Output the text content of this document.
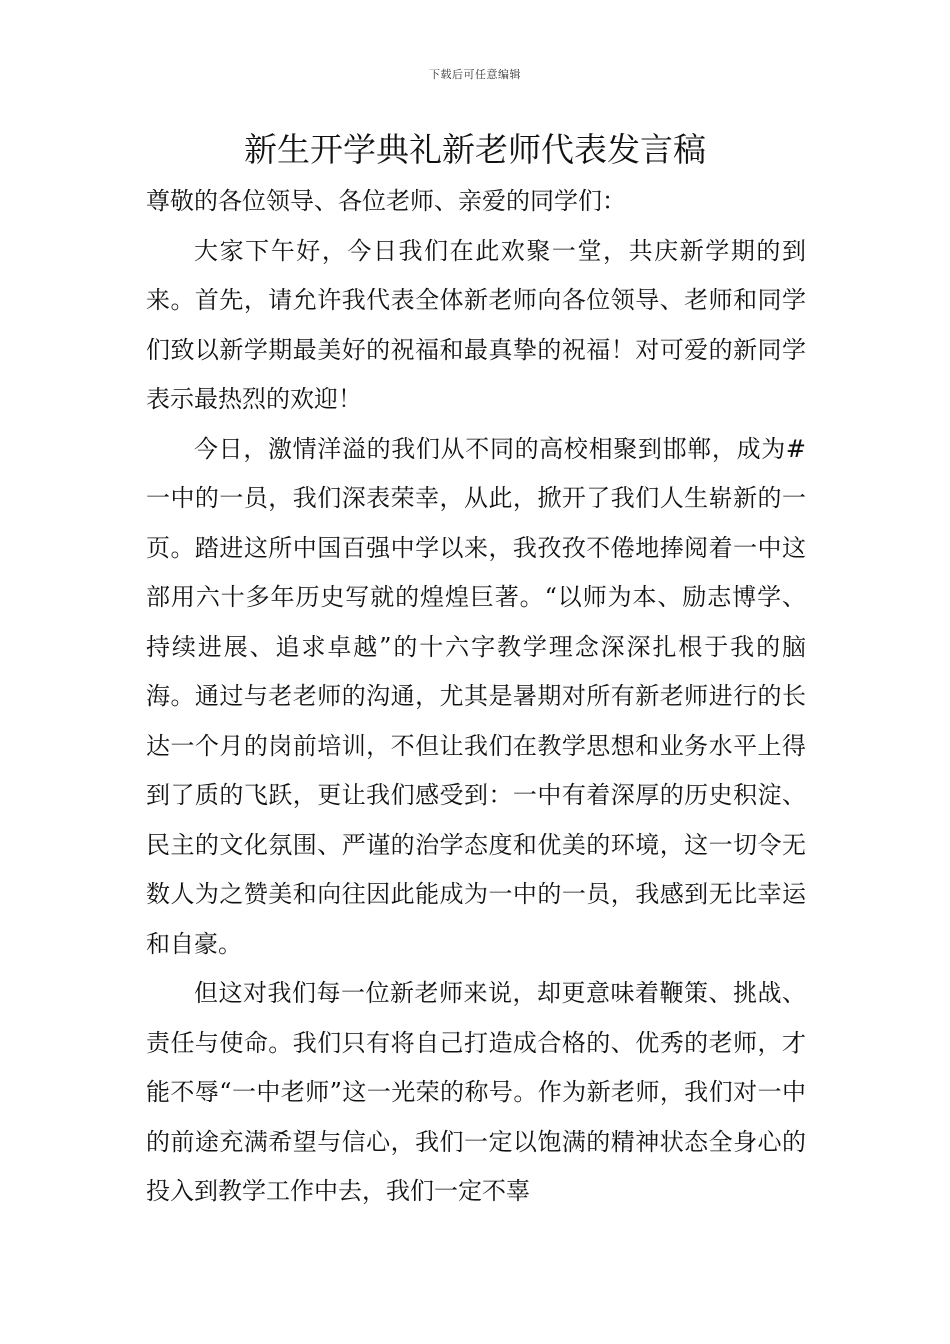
下载后可任意编辑
新生开学典礼新老师代表发言稿

尊敬的各位领导、各位老师、亲爱的同学们：

大家下午好，今日我们在此欢聚一堂，共庆新学期的到来。首先，请允许我代表全体新老师向各位领导、老师和同学们致以新学期最美好的祝福和最真挚的祝福！对可爱的新同学表示最热烈的欢迎！

今日，激情洋溢的我们从不同的高校相聚到邯郸，成为#一中的一员，我们深表荣幸，从此，掀开了我们人生崭新的一页。踏进这所中国百强中学以来，我孜孜不倦地捧阅着一中这部用六十多年历史写就的煌煌巨著。“以师为本、励志博学、持续进展、追求卓越”的十六字教学理念深深扎根于我的脑海。通过与老老师的沟通，尤其是暑期对所有新老师进行的长达一个月的岗前培训，不但让我们在教学思想和业务水平上得到了质的飞跃，更让我们感受到：一中有着深厚的历史积淀、民主的文化氛围、严谨的治学态度和优美的环境，这一切令无数人为之赞美和向往因此能成为一中的一员，我感到无比幸运和自豪。

但这对我们每一位新老师来说，却更意味着鞭策、挑战、责任与使命。我们只有将自己打造成合格的、优秀的老师，才能不辱“一中老师”这一光荣的称号。作为新老师，我们对一中的前途充满希望与信心，我们一定以饱满的精神状态全身心的投入到教学工作中去，我们一定不辜
